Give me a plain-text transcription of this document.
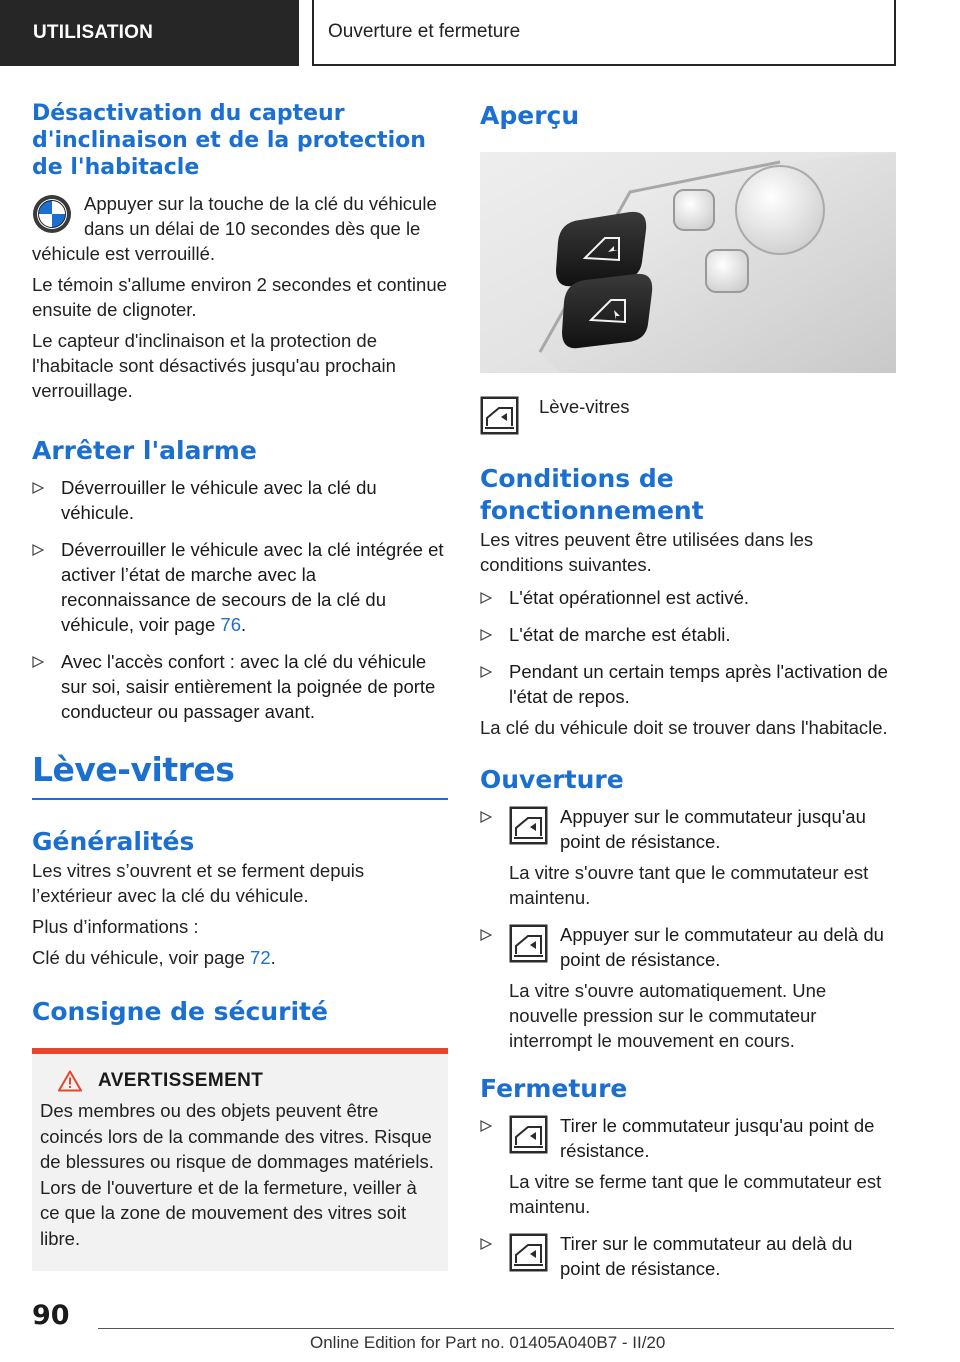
UTILISATION	Ouverture et fermeture
Désactivation du capteur d'inclinaison et de la protection de l'habitacle

Appuyer sur la touche de la clé du véhicule dans un délai de 10 secondes dès que le véhicule est verrouillé.

Le témoin s'allume environ 2 secondes et continue ensuite de clignoter.

Le capteur d'inclinaison et la protection de l'habitacle sont désactivés jusqu'au prochain verrouillage.

Arrêter l'alarme
Déverrouiller le véhicule avec la clé du véhicule.
Déverrouiller le véhicule avec la clé intégrée et activer l’état de marche avec la reconnaissance de secours de la clé du véhicule, voir page 76.
Avec l'accès confort : avec la clé du véhicule sur soi, saisir entièrement la poignée de porte conducteur ou passager avant.
Lève-vitres
Généralités

Les vitres s’ouvrent et se ferment depuis l’extérieur avec la clé du véhicule.

Plus d’informations :

Clé du véhicule, voir page 72.

Consigne de sécurité
AVERTISSEMENT

Des membres ou des objets peuvent être coincés lors de la commande des vitres. Risque de blessures ou risque de dommages matériels. Lors de l'ouverture et de la fermeture, veiller à ce que la zone de mouvement des vitres soit libre.

Aperçu
Lève-vitres
Conditions de fonctionnement

Les vitres peuvent être utilisées dans les conditions suivantes.

L'état opérationnel est activé.
L'état de marche est établi.
Pendant un certain temps après l'activation de l'état de repos.

La clé du véhicule doit se trouver dans l'habitacle.

Ouverture
Appuyer sur le commutateur jusqu'au point de résistance.

La vitre s'ouvre tant que le commutateur est maintenu.

Appuyer sur le commutateur au delà du point de résistance.

La vitre s'ouvre automatiquement. Une nouvelle pression sur le commutateur interrompt le mouvement en cours.

Fermeture
Tirer le commutateur jusqu'au point de résistance.

La vitre se ferme tant que le commutateur est maintenu.

Tirer sur le commutateur au delà du point de résistance.
90
Online Edition for Part no. 01405A040B7 - II/20
